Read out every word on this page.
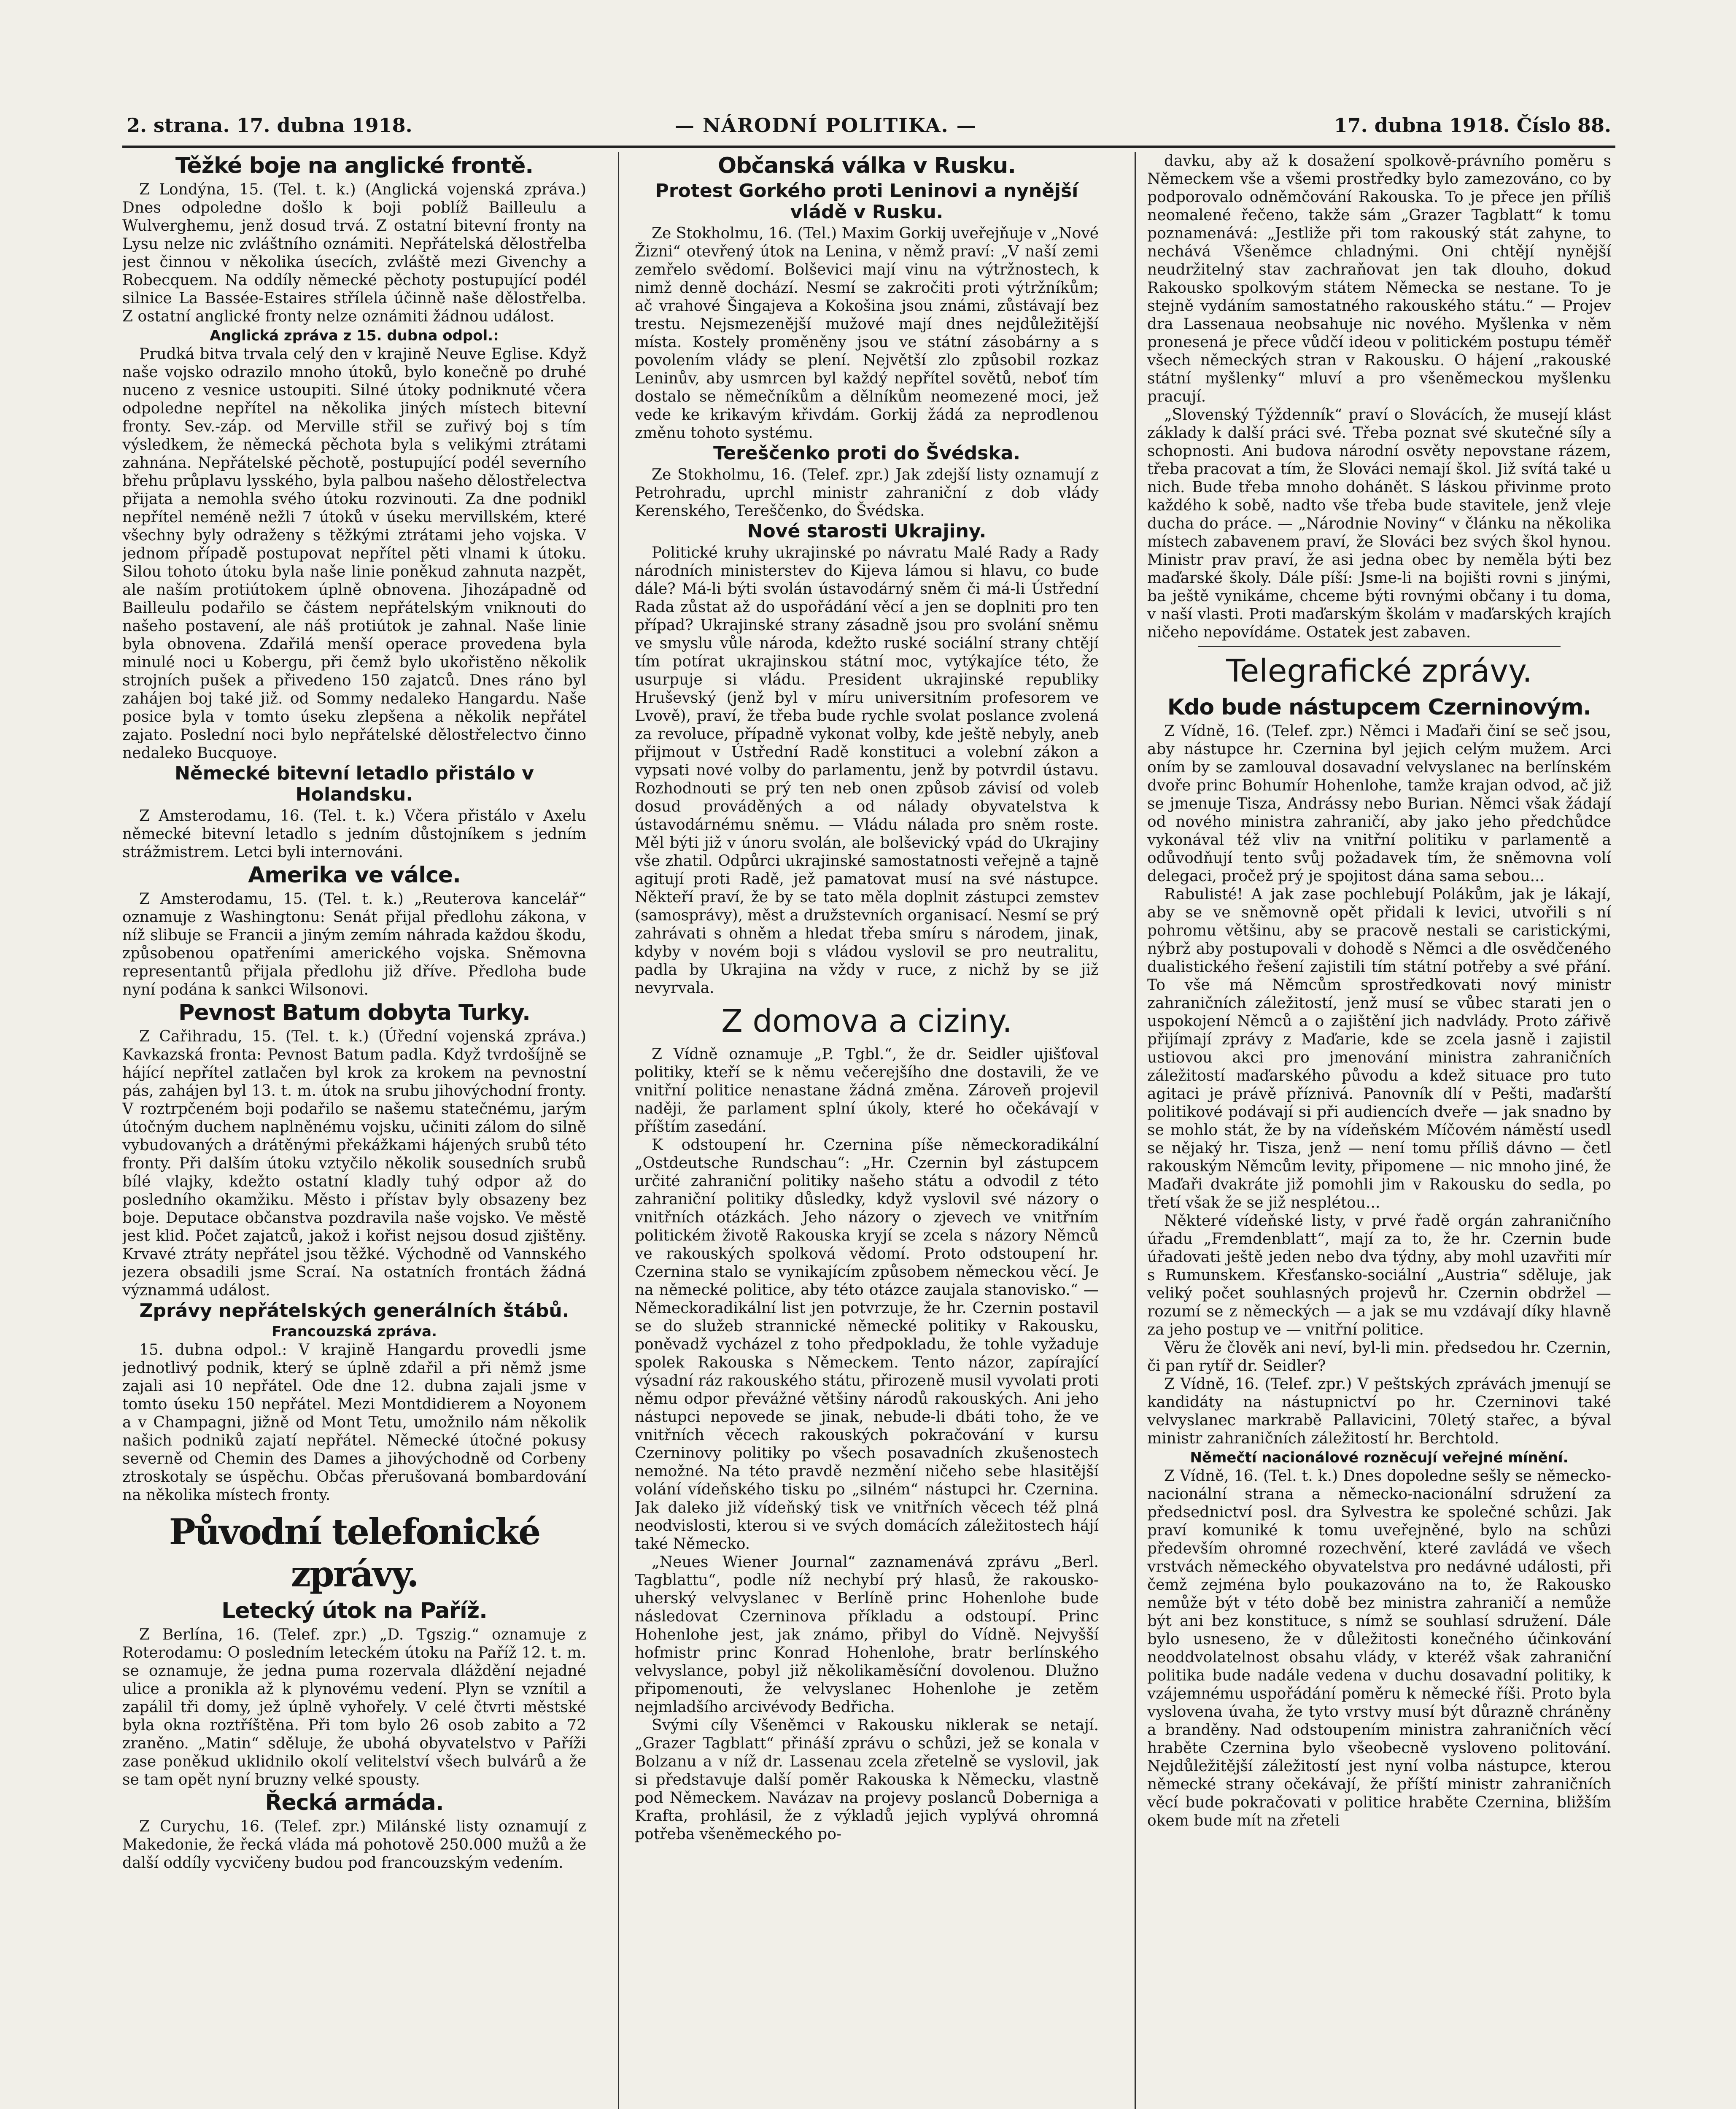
2. strana. 17. dubna 1918.	— NÁRODNÍ POLITIKA. —	17. dubna 1918. Číslo 88.
Těžké boje na anglické frontě.

Z Londýna, 15. (Tel. t. k.) (Anglická vojenská zpráva.) Dnes odpoledne došlo k boji poblíž Bailleulu a Wulverghemu, jenž dosud trvá. Z ostatní bitevní fronty na Lysu nelze nic zvláštního oznámiti. Nepřátelská dělostřelba jest činnou v několika úsecích, zvláště mezi Givenchy a Robecquem. Na oddíly německé pěchoty postupující podél silnice La Bassée-Estaires střílela účinně naše dělostřelba. Z ostatní anglické fronty nelze oznámiti žádnou událost.

Anglická zpráva z 15. dubna odpol.:

Prudká bitva trvala celý den v krajině Neuve Eglise. Když naše vojsko odrazilo mnoho útoků, bylo konečně po druhé nuceno z vesnice ustoupiti. Silné útoky podniknuté včera odpoledne nepřítel na několika jiných místech bitevní fronty. Sev.-záp. od Merville střil se zuřivý boj s tím výsledkem, že německá pěchota byla s velikými ztrátami zahnána. Nepřátelské pěchotě, postupující podél severního břehu průplavu lysského, byla palbou našeho dělostřelectva přijata a nemohla svého útoku rozvinouti. Za dne podnikl nepřítel neméně nežli 7 útoků v úseku mervillském, které všechny byly odraženy s těžkými ztrátami jeho vojska. V jednom případě postupovat nepřítel pěti vlnami k útoku. Silou tohoto útoku byla naše linie poněkud zahnuta nazpět, ale naším protiútokem úplně obnovena. Jihozápadně od Bailleulu podařilo se částem nepřátelským vniknouti do našeho postavení, ale náš protiútok je zahnal. Naše linie byla obnovena. Zdařilá menší operace provedena byla minulé noci u Kobergu, při čemž bylo ukořistěno několik strojních pušek a přivedeno 150 zajatců. Dnes ráno byl zahájen boj také již. od Sommy nedaleko Hangardu. Naše posice byla v tomto úseku zlepšena a několik nepřátel zajato. Poslední noci bylo nepřátelské dělostřelectvo činno nedaleko Bucquoye.

Německé bitevní letadlo přistálo v Holandsku.

Z Amsterodamu, 16. (Tel. t. k.) Včera přistálo v Axelu německé bitevní letadlo s jedním důstojníkem s jedním strážmistrem. Letci byli internováni.

Amerika ve válce.

Z Amsterodamu, 15. (Tel. t. k.) „Reuterova kancelář“ oznamuje z Washingtonu: Senát přijal předlohu zákona, v níž slibuje se Francii a jiným zemím náhrada každou škodu, způsobenou opatřeními amerického vojska. Sněmovna representantů přijala předlohu již dříve. Předloha bude nyní podána k sankci Wilsonovi.

Pevnost Batum dobyta Turky.

Z Cařihradu, 15. (Tel. t. k.) (Úřední vojenská zpráva.) Kavkazská fronta: Pevnost Batum padla. Když tvrdošíjně se hájící nepřítel zatlačen byl krok za krokem na pevnostní pás, zahájen byl 13. t. m. útok na srubu jihovýchodní fronty. V roztrpčeném boji podařilo se našemu statečnému, jarým útočným duchem naplněnému vojsku, učiniti zálom do silně vybudovaných a drátěnými překážkami hájených srubů této fronty. Při dalším útoku vztyčilo několik sousedních srubů bílé vlajky, kdežto ostatní kladly tuhý odpor až do posledního okamžiku. Město i přístav byly obsazeny bez boje. Deputace občanstva pozdravila naše vojsko. Ve městě jest klid. Počet zajatců, jakož i kořist nejsou dosud zjištěny. Krvavé ztráty nepřátel jsou těžké. Východně od Vannského jezera obsadili jsme Scraí. Na ostatních frontách žádná význammá událost.

Zprávy nepřátelských generálních štábů.
Francouzská zpráva.

15. dubna odpol.: V krajině Hangardu provedli jsme jednotlivý podnik, který se úplně zdařil a při němž jsme zajali asi 10 nepřátel. Ode dne 12. dubna zajali jsme v tomto úseku 150 nepřátel. Mezi Montdidierem a Noyonem a v Champagni, jižně od Mont Tetu, umožnilo nám několik našich podniků zajatí nepřátel. Německé útočné pokusy severně od Chemin des Dames a jihovýchodně od Corbeny ztroskotaly se úspěchu. Občas přerušovaná bombardování na několika místech fronty.

Původní telefonické zprávy.
Letecký útok na Paříž.

Z Berlína, 16. (Telef. zpr.) „D. Tgszig.“ oznamuje z Roterodamu: O posledním leteckém útoku na Paříž 12. t. m. se oznamuje, že jedna puma rozervala dláždění nejadné ulice a pronikla až k plynovému vedení. Plyn se vznítil a zapálil tři domy, jež úplně vyhořely. V celé čtvrti městské byla okna roztříštěna. Při tom bylo 26 osob zabito a 72 zraněno. „Matin“ sděluje, že ubohá obyvatelstvo v Paříži zase poněkud uklidnilo okolí velitelství všech bulvárů a že se tam opět nyní bruzny velké spousty.

Řecká armáda.

Z Curychu, 16. (Telef. zpr.) Milánské listy oznamují z Makedonie, že řecká vláda má pohotově 250.000 mužů a že další oddíly vycvičeny budou pod francouzským vedením.

Občanská válka v Rusku.
Protest Gorkého proti Leninovi a nynější vládě v Rusku.

Ze Stokholmu, 16. (Tel.) Maxim Gorkij uveřejňuje v „Nové Žizni“ otevřený útok na Lenina, v němž praví: „V naší zemi zemřelo svědomí. Bolševici mají vinu na výtržnostech, k nimž denně dochází. Nesmí se zakročiti proti výtržníkům; ač vrahové Šingajeva a Kokošina jsou známi, zůstávají bez trestu. Nejsmezenější mužové mají dnes nejdůležitější místa. Kostely proměněny jsou ve státní zásobárny a s povolením vlády se plení. Největší zlo způsobil rozkaz Leninův, aby usmrcen byl každý nepřítel sovětů, neboť tím dostalo se němečníkům a dělníkům neomezené moci, jež vede ke krikavým křivdám. Gorkij žádá za neprodlenou změnu tohoto systému.

Tereščenko proti do Švédska.

Ze Stokholmu, 16. (Telef. zpr.) Jak zdejší listy oznamují z Petrohradu, uprchl ministr zahraniční z dob vlády Kerenského, Tereščenko, do Švédska.

Nové starosti Ukrajiny.

Politické kruhy ukrajinské po návratu Malé Rady a Rady národních ministerstev do Kijeva lámou si hlavu, co bude dále? Má-li býti svolán ústavodárný sněm či má-li Ústřední Rada zůstat až do uspořádání věcí a jen se doplniti pro ten případ? Ukrajinské strany zásadně jsou pro svolání sněmu ve smyslu vůle národa, kdežto ruské sociální strany chtějí tím potírat ukrajinskou státní moc, vytýkajíce této, že usurpuje si vládu. President ukrajinské republiky Hruševský (jenž byl v míru universitním profesorem ve Lvově), praví, že třeba bude rychle svolat poslance zvolená za revoluce, případně vykonat volby, kde ještě nebyly, aneb přijmout v Ústřední Radě konstituci a volební zákon a vypsati nové volby do parlamentu, jenž by potvrdil ústavu. Rozhodnouti se prý ten neb onen způsob závisí od voleb dosud prováděných a od nálady obyvatelstva k ústavodárnému sněmu. — Vládu nálada pro sněm roste. Měl býti již v únoru svolán, ale bolševický vpád do Ukrajiny vše zhatil. Odpůrci ukrajinské samostatnosti veřejně a tajně agitují proti Radě, jež pamatovat musí na své nástupce. Někteří praví, že by se tato měla doplnit zástupci zemstev (samosprávy), měst a družstevních organisací. Nesmí se prý zahrávati s ohněm a hledat třeba smíru s národem, jinak, kdyby v novém boji s vládou vyslovil se pro neutralitu, padla by Ukrajina na vždy v ruce, z nichž by se již nevyrvala.

Z domova a ciziny.

Z Vídně oznamuje „P. Tgbl.“, že dr. Seidler ujišťoval politiky, kteří se k němu večerejšího dne dostavili, že ve vnitřní politice nenastane žádná změna. Zároveň projevil naději, že parlament splní úkoly, které ho očekávají v příštím zasedání.

K odstoupení hr. Czernina píše německoradikální „Ostdeutsche Rundschau“: „Hr. Czernin byl zástupcem určité zahraniční politiky našeho státu a odvodil z této zahraniční politiky důsledky, když vyslovil své názory o vnitřních otázkách. Jeho názory o zjevech ve vnitřním politickém životě Rakouska kryjí se zcela s názory Němců ve rakouských spolková vědomí. Proto odstoupení hr. Czernina stalo se vynikajícím způsobem německou věcí. Je na německé politice, aby této otázce zaujala stanovisko.“ — Německoradikální list jen potvrzuje, že hr. Czernin postavil se do služeb strannické německé politiky v Rakousku, poněvadž vycházel z toho předpokladu, že tohle vyžaduje spolek Rakouska s Německem. Tento názor, zapírající výsadní ráz rakouského státu, přirozeně musil vyvolati proti němu odpor převážné většiny národů rakouských. Ani jeho nástupci nepovede se jinak, nebude-li dbáti toho, že ve vnitřních věcech rakouských pokračování v kursu Czerninovy politiky po všech posavadních zkušenostech nemožné. Na této pravdě nezmění ničeho sebe hlasitější volání vídeňského tisku po „silném“ nástupci hr. Czernina. Jak daleko již vídeňský tisk ve vnitřních věcech též plná neodvislosti, kterou si ve svých domácích záležitostech hájí také Německo.

„Neues Wiener Journal“ zaznamenává zprávu „Berl. Tagblattu“, podle níž nechybí prý hlasů, že rakousko-uherský velvyslanec v Berlíně princ Hohenlohe bude následovat Czerninova příkladu a odstoupí. Princ Hohenlohe jest, jak známo, přibyl do Vídně. Nejvyšší hofmistr princ Konrad Hohenlohe, bratr berlínského velvyslance, pobyl již několikaměsíční dovolenou. Dlužno připomenouti, že velvyslanec Hohenlohe je zetěm nejmladšího arcivévody Bedřicha.

Svými cíly Všeněmci v Rakousku niklerak se netají. „Grazer Tagblatt“ přináší zprávu o schůzi, jež se konala v Bolzanu a v níž dr. Lassenau zcela zřetelně se vyslovil, jak si představuje další poměr Rakouska k Německu, vlastně pod Německem. Navázav na projevy poslanců Dobernigа a Krafta, prohlásil, že z výkladů jejich vyplývá ohromná potřeba všeněmeckého po-

davku, aby až k dosažení spolkově-právního poměru s Německem vše a všemi prostředky bylo zamezováno, co by podporovalo odněmčování Rakouska. To je přece jen příliš neomalené řečeno, takže sám „Grazer Tagblatt“ k tomu poznamenává: „Jestliže při tom rakouský stát zahyne, to nechává Všeněmce chladnými. Oni chtějí nynější neudržitelný stav zachraňovat jen tak dlouho, dokud Rakousko spolkovým státem Německa se nestane. To je stejně vydáním samostatného rakouského státu.“ — Projev dra Lassenaua neobsahuje nic nového. Myšlenka v něm pronesená je přece vůdčí ideou v politickém postupu téměř všech německých stran v Rakousku. O hájení „rakouské státní myšlenky“ mluví a pro všeněmeckou myšlenku pracují.

„Slovenský Týždenník“ praví o Slovácích, že musejí klást základy k další práci své. Třeba poznat své skutečné síly a schopnosti. Ani budova národní osvěty nepovstane rázem, třeba pracovat a tím, že Slováci nemají škol. Již svítá také u nich. Bude třeba mnoho dohánět. S láskou přivinme proto každého k sobě, nadto vše třeba bude stavitele, jenž vleje ducha do práce. — „Národnie Noviny“ v článku na několika místech zabavenem praví, že Slováci bez svých škol hynou. Ministr prav praví, že asi jedna obec by neměla býti bez maďarské školy. Dále píší: Jsme-li na bojišti rovni s jinými, ba ještě vynikáme, chceme býti rovnými občany i tu doma, v naší vlasti. Proti maďarským školám v maďarských krajích ničeho nepovídáme. Ostatek jest zabaven.

Telegrafické zprávy.
Kdo bude nástupcem Czerninovým.

Z Vídně, 16. (Telef. zpr.) Němci i Maďaři činí se seč jsou, aby nástupce hr. Czernina byl jejich celým mužem. Arci oním by se zamlouval dosavadní velvyslanec na berlínském dvoře princ Bohumír Hohenlohe, tamže krajan odvod, ač již se jmenuje Tisza, Andrássy nebo Burian. Němci však žádají od nového ministra zahraničí, aby jako jeho předchůdce vykonával též vliv na vnitřní politiku v parlamentě a odůvodňují tento svůj požadavek tím, že sněmovna volí delegaci, pročež prý je spojitost dána sama sebou...

Rabulisté! A jak zase pochlebují Polákům, jak je lákají, aby se ve sněmovně opět přidali k levici, utvořili s ní pohromu většinu, aby se pracově nestali se caristickými, nýbrž aby postupovali v dohodě s Němci a dle osvědčeného dualistického řešení zajistili tím státní potřeby a své přání. To vše má Němcům sprostředkovati nový ministr zahraničních záležitostí, jenž musí se vůbec starati jen o uspokojení Němců a o zajištění jich nadvlády. Proto zářivě přijímají zprávy z Maďarie, kde se zcela jasně i zajistil ustiovou akci pro jmenování ministra zahraničních záležitostí maďarského původu a kdež situace pro tuto agitaci je právě příznivá. Panovník dlí v Pešti, maďarští politikové podávají si při audiencích dveře — jak snadno by se mohlo stát, že by na vídeňském Míčovém náměstí usedl se nějaký hr. Tisza, jenž — není tomu příliš dávno — četl rakouským Němcům levity, připomene — nic mnoho jiné, že Maďaři dvakráte již pomohli jim v Rakousku do sedla, po třetí však že se již nesplétou...

Některé vídeňské listy, v prvé řadě orgán zahraničního úřadu „Fremdenblatt“, mají za to, že hr. Czernin bude úřadovati ještě jeden nebo dva týdny, aby mohl uzavřiti mír s Rumunskem. Křesťansko-sociální „Austria“ sděluje, jak veliký počet souhlasných projevů hr. Czernin obdržel — rozumí se z německých — a jak se mu vzdávají díky hlavně za jeho postup ve — vnitřní politice.

Věru že člověk ani neví, byl-li min. předsedou hr. Czernin, či pan rytíř dr. Seidler?

Z Vídně, 16. (Telef. zpr.) V peštských zprávách jmenují se kandidáty na nástupnictví po hr. Czerninovi také velvyslanec markrabě Pallavicini, 70letý stařec, a býval ministr zahraničních záležitostí hr. Berchtold.

Němečtí nacionálové rozněcují veřejné mínění.

Z Vídně, 16. (Tel. t. k.) Dnes dopoledne sešly se německo-nacionální strana a německo-nacionální sdružení za předsednictví posl. dra Sylvestra ke společné schůzi. Jak praví komuniké k tomu uveřejněné, bylo na schůzi především ohromné rozechvění, které zavládá ve všech vrstvách německého obyvatelstva pro nedávné události, při čemž zejména bylo poukazováno na to, že Rakousko nemůže být v této době bez ministra zahraničí a nemůže být ani bez konstituce, s nímž se souhlasí sdružení. Dále bylo usneseno, že v důležitosti konečného účinkování neoddvolatelnost obsahu vlády, v kteréž však zahraniční politika bude nadále vedena v duchu dosavadní politiky, k vzájemnému uspořádání poměru k německé říši. Proto byla vyslovena úvaha, že tyto vrstvy musí být důrazně chráněny a branděny. Nad odstoupením ministra zahraničních věcí hraběte Czernina bylo všeobecně vysloveno politování. Nejdůležitější záležitostí jest nyní volba nástupce, kterou německé strany očekávají, že příští ministr zahraničních věcí bude pokračovati v politice hraběte Czernina, bližším okem bude mít na zřeteli
